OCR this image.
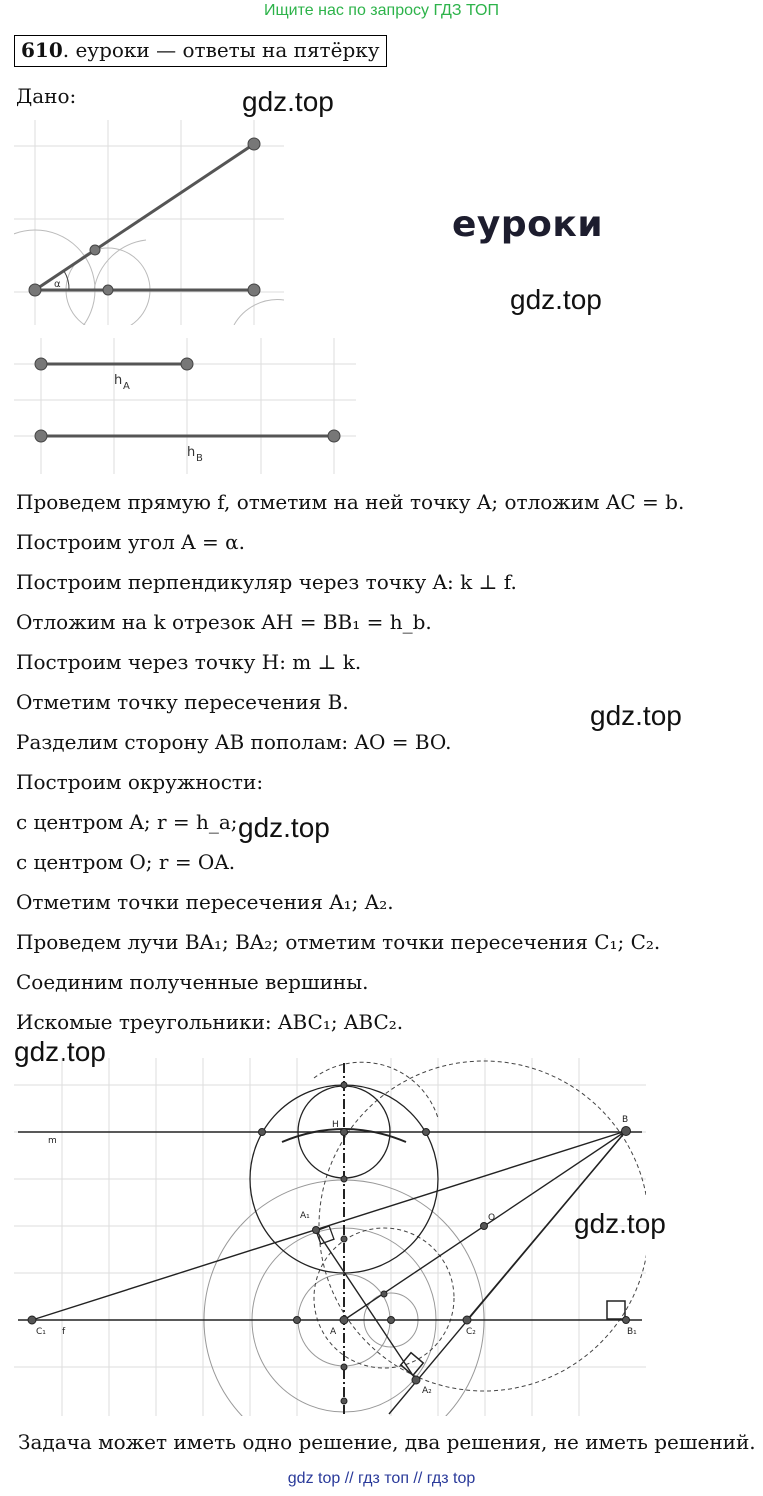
Ищите нас по запросу ГДЗ ТОП
610. еуроки — ответы на пятёрку
Дано:
α
h A
h B
gdz.top
еуроки
gdz.top
Проведем прямую f, отметим на ней точку A; отложим AC = b.
Построим угол A = α.
Построим перпендикуляр через точку A: k ⊥ f.
Отложим на k отрезок AH = BB₁ = h_b.
Построим через точку H: m ⊥ k.
Отметим точку пересечения B.
Разделим сторону AB пополам: AO = BO.
Построим окружности:
с центром A; r = h_a;
с центром O; r = OA.
Отметим точки пересечения A₁; A₂.
Проведем лучи BA₁; BA₂; отметим точки пересечения C₁; C₂.
Соединим полученные вершины.
Искомые треугольники: ABC₁; ABC₂.
gdz.top
gdz.top
gdz.top
m
f
H	B
O
A
A₁
A₂
C₁	C₂	B₁
gdz.top
Задача может иметь одно решение, два решения, не иметь решений.
gdz top // гдз топ // гдз top
